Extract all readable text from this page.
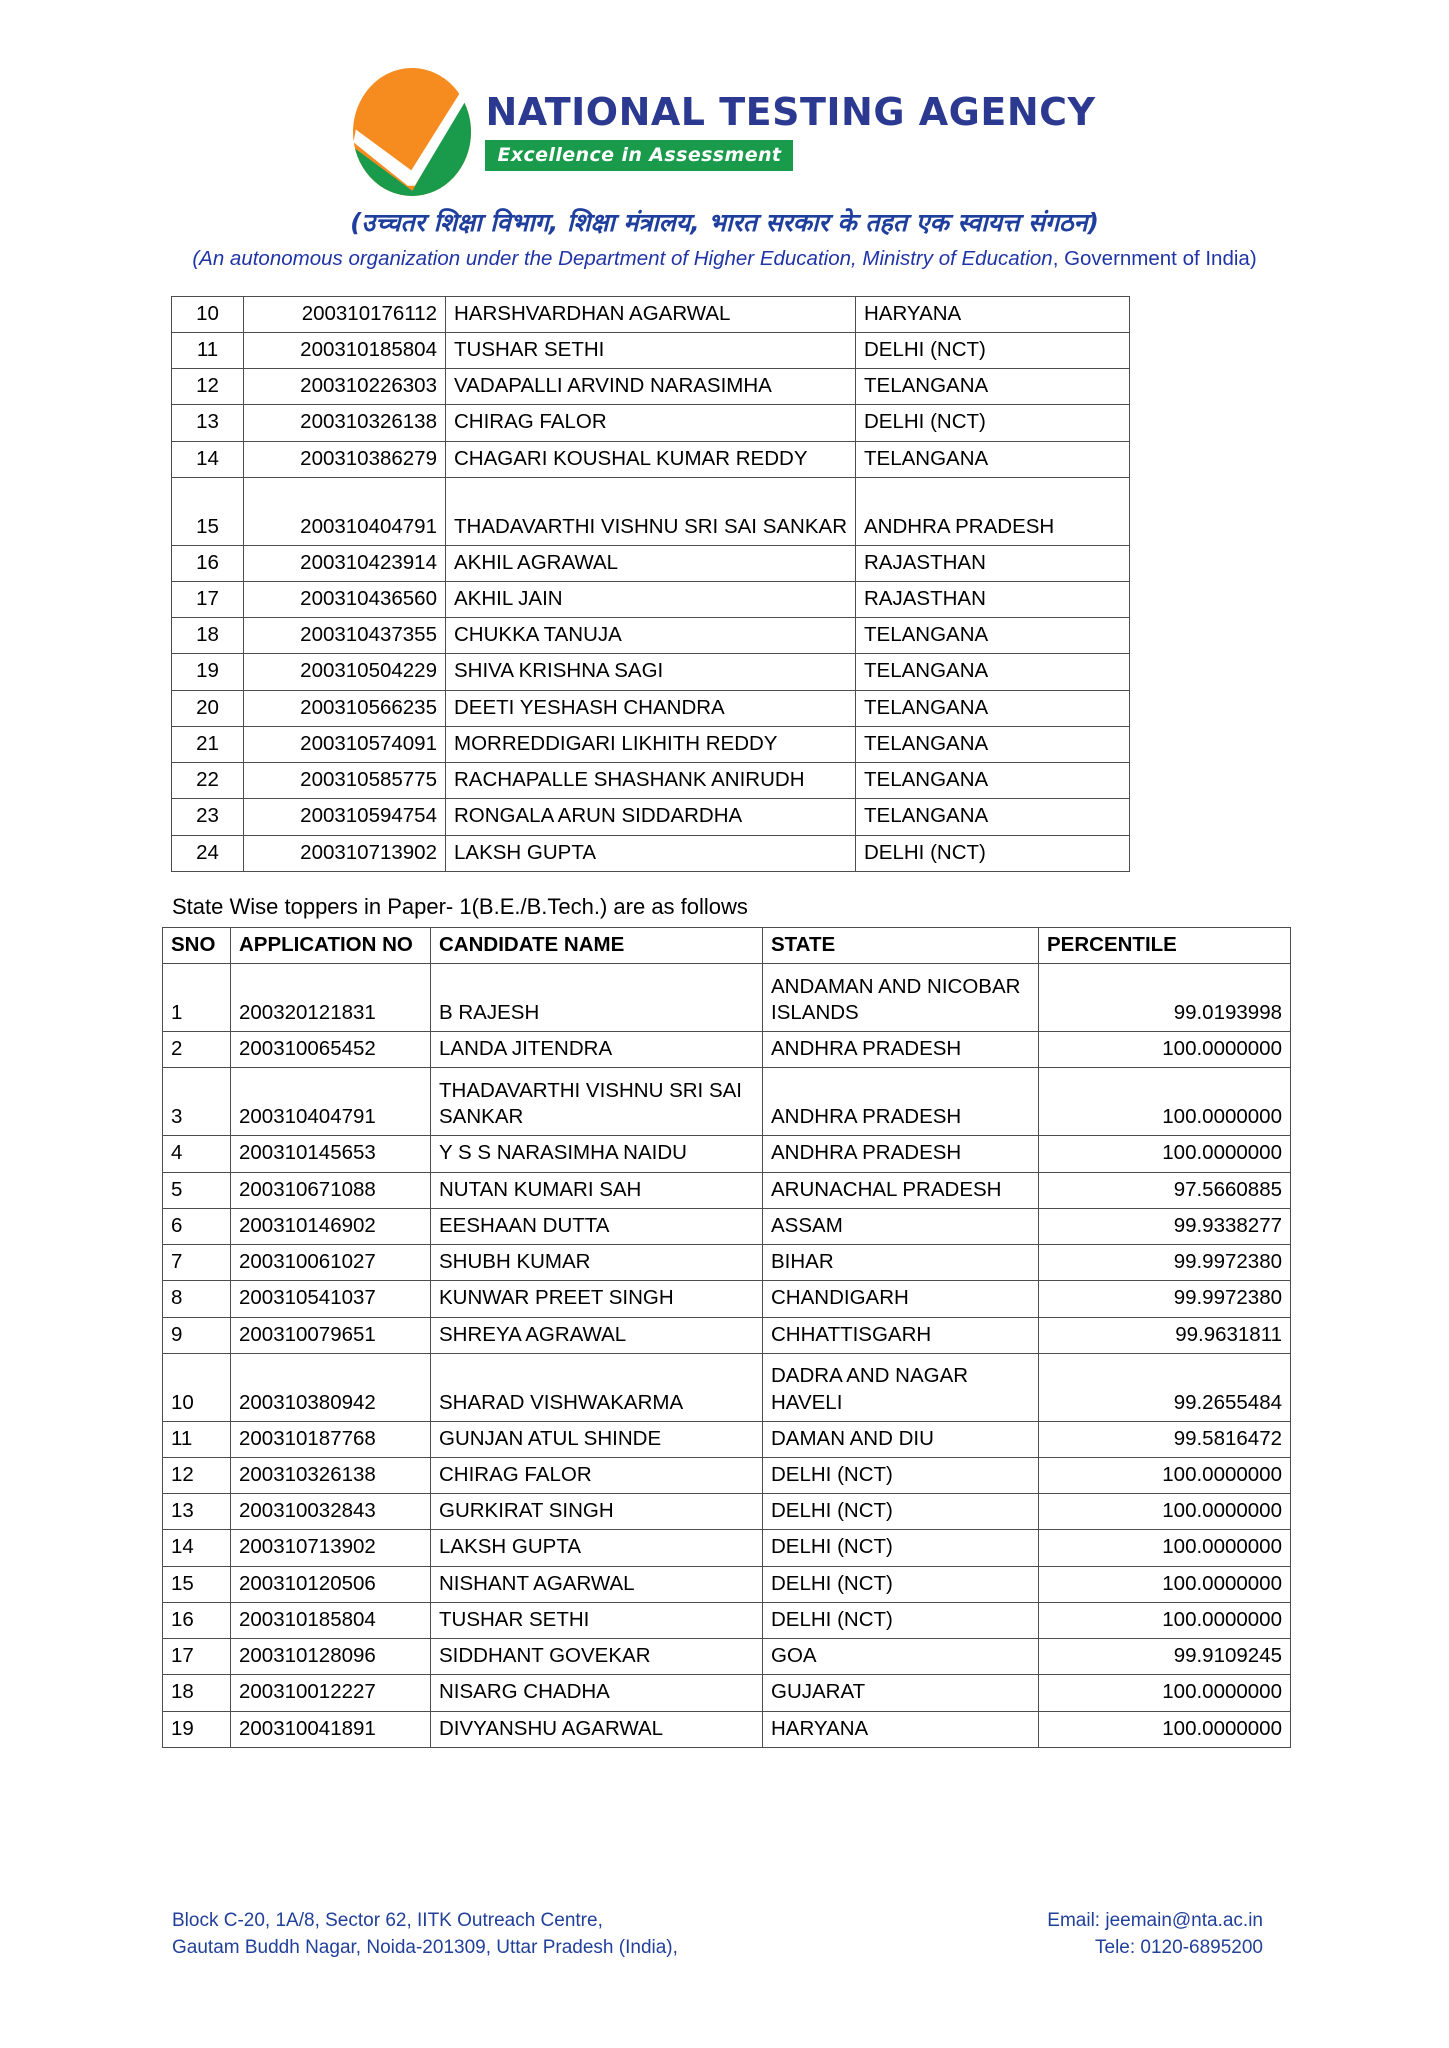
NATIONAL TESTING AGENCY
Excellence in Assessment
(उच्चतर शिक्षा विभाग, शिक्षा मंत्रालय, भारत सरकार के तहत एक स्वायत्त संगठन)
(An autonomous organization under the Department of Higher Education, Ministry of Education, Government of India)
10	200310176112	HARSHVARDHAN AGARWAL	HARYANA
11	200310185804	TUSHAR SETHI	DELHI (NCT)
12	200310226303	VADAPALLI ARVIND NARASIMHA	TELANGANA
13	200310326138	CHIRAG FALOR	DELHI (NCT)
14	200310386279	CHAGARI KOUSHAL KUMAR REDDY	TELANGANA
15	200310404791	THADAVARTHI VISHNU SRI SAI SANKAR	ANDHRA PRADESH
16	200310423914	AKHIL AGRAWAL	RAJASTHAN
17	200310436560	AKHIL JAIN	RAJASTHAN
18	200310437355	CHUKKA TANUJA	TELANGANA
19	200310504229	SHIVA KRISHNA SAGI	TELANGANA
20	200310566235	DEETI YESHASH CHANDRA	TELANGANA
21	200310574091	MORREDDIGARI LIKHITH REDDY	TELANGANA
22	200310585775	RACHAPALLE SHASHANK ANIRUDH	TELANGANA
23	200310594754	RONGALA ARUN SIDDARDHA	TELANGANA
24	200310713902	LAKSH GUPTA	DELHI (NCT)
State Wise toppers in Paper- 1(B.E./B.Tech.) are as follows
SNO	APPLICATION NO	CANDIDATE NAME	STATE	PERCENTILE
1	200320121831	B RAJESH	ANDAMAN AND NICOBAR ISLANDS	99.0193998
2	200310065452	LANDA JITENDRA	ANDHRA PRADESH	100.0000000
3	200310404791	THADAVARTHI VISHNU SRI SAI SANKAR	ANDHRA PRADESH	100.0000000
4	200310145653	Y S S NARASIMHA NAIDU	ANDHRA PRADESH	100.0000000
5	200310671088	NUTAN KUMARI SAH	ARUNACHAL PRADESH	97.5660885
6	200310146902	EESHAAN DUTTA	ASSAM	99.9338277
7	200310061027	SHUBH KUMAR	BIHAR	99.9972380
8	200310541037	KUNWAR PREET SINGH	CHANDIGARH	99.9972380
9	200310079651	SHREYA AGRAWAL	CHHATTISGARH	99.9631811
10	200310380942	SHARAD VISHWAKARMA	DADRA AND NAGAR HAVELI	99.2655484
11	200310187768	GUNJAN ATUL SHINDE	DAMAN AND DIU	99.5816472
12	200310326138	CHIRAG FALOR	DELHI (NCT)	100.0000000
13	200310032843	GURKIRAT SINGH	DELHI (NCT)	100.0000000
14	200310713902	LAKSH GUPTA	DELHI (NCT)	100.0000000
15	200310120506	NISHANT AGARWAL	DELHI (NCT)	100.0000000
16	200310185804	TUSHAR SETHI	DELHI (NCT)	100.0000000
17	200310128096	SIDDHANT GOVEKAR	GOA	99.9109245
18	200310012227	NISARG CHADHA	GUJARAT	100.0000000
19	200310041891	DIVYANSHU AGARWAL	HARYANA	100.0000000
Block C-20, 1A/8, Sector 62, IITK Outreach Centre,
Gautam Buddh Nagar, Noida-201309, Uttar Pradesh (India),
Email: jeemain@nta.ac.in
Tele: 0120-6895200
